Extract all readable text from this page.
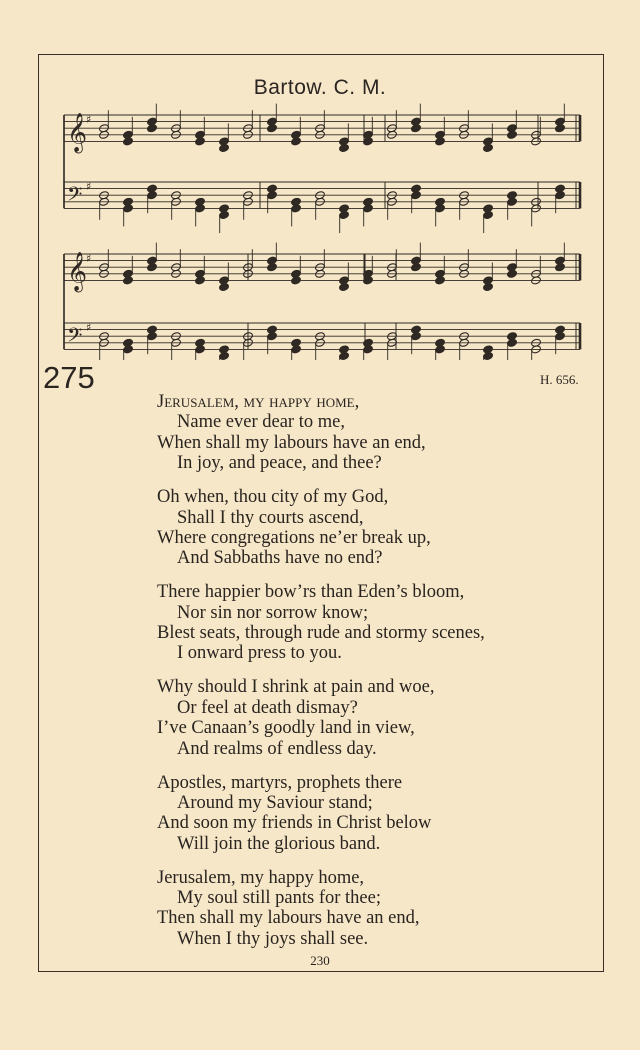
Bartow. C. M.
𝄞
♯
𝄢 ♯
𝄞
♯
𝄢 ♯
275	H. 656.
Jerusalem, my happy home,
Name ever dear to me,
When shall my labours have an end,
In joy, and peace, and thee?
Oh when, thou city of my God,
Shall I thy courts ascend,
Where congregations ne’er break up,
And Sabbaths have no end?
There happier bow’rs than Eden’s bloom,
Nor sin nor sorrow know;
Blest seats, through rude and stormy scenes,
I onward press to you.
Why should I shrink at pain and woe,
Or feel at death dismay?
I’ve Canaan’s goodly land in view,
And realms of endless day.
Apostles, martyrs, prophets there
Around my Saviour stand;
And soon my friends in Christ below
Will join the glorious band.
Jerusalem, my happy home,
My soul still pants for thee;
Then shall my labours have an end,
When I thy joys shall see.
230
